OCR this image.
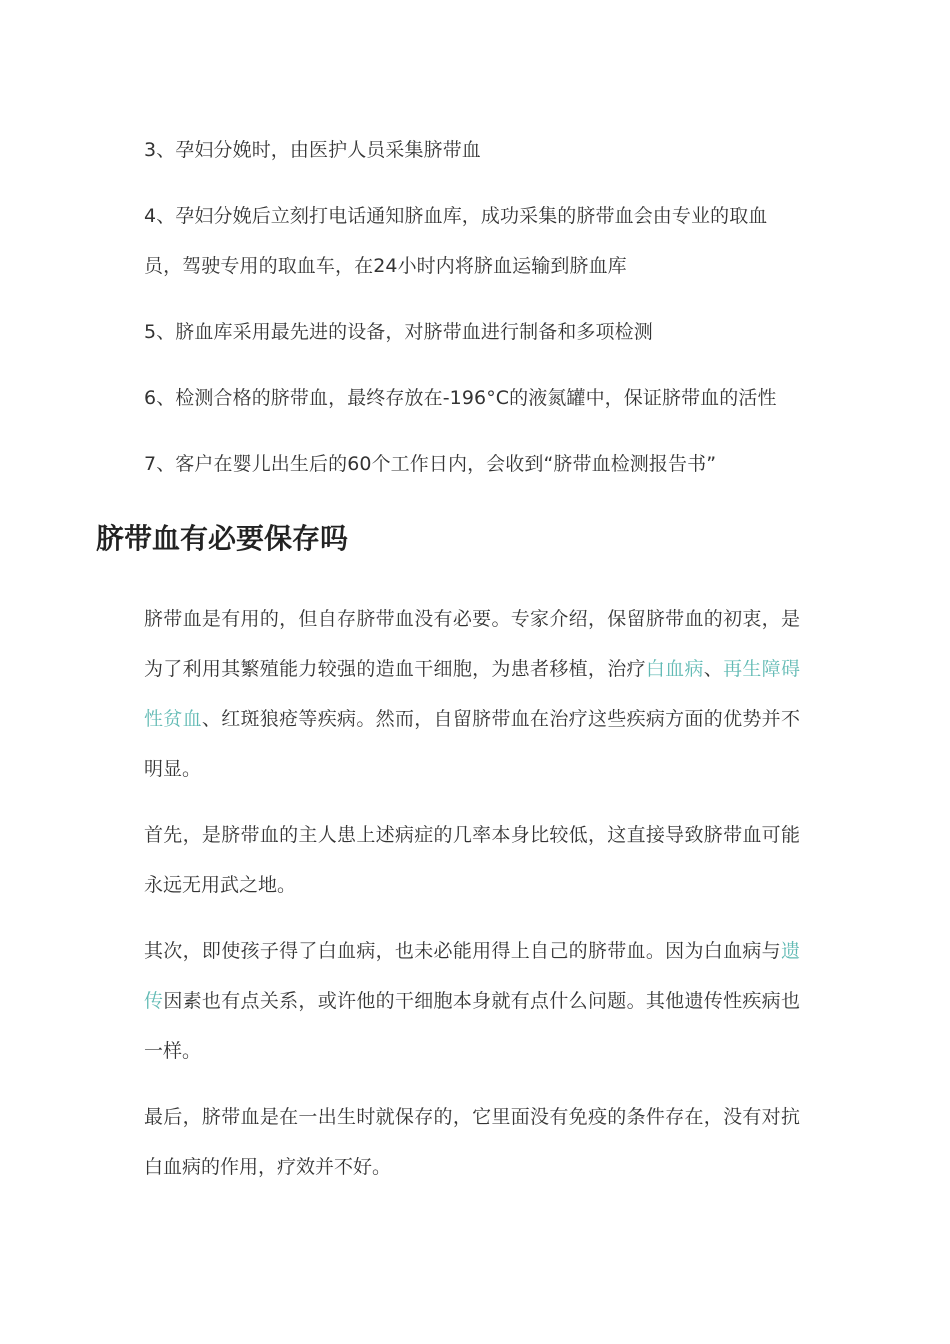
3、孕妇分娩时，由医护人员采集脐带血

4、孕妇分娩后立刻打电话通知脐血库，成功采集的脐带血会由专业的取血员，驾驶专用的取血车，在24小时内将脐血运输到脐血库

5、脐血库采用最先进的设备，对脐带血进行制备和多项检测

6、检测合格的脐带血，最终存放在-196°C的液氮罐中，保证脐带血的活性

7、客户在婴儿出生后的60个工作日内，会收到“脐带血检测报告书”

脐带血有必要保存吗

脐带血是有用的，但自存脐带血没有必要。专家介绍，保留脐带血的初衷，是为了利用其繁殖能力较强的造血干细胞，为患者移植，治疗白血病、再生障碍性贫血、红斑狼疮等疾病。然而，自留脐带血在治疗这些疾病方面的优势并不明显。

首先，是脐带血的主人患上述病症的几率本身比较低，这直接导致脐带血可能永远无用武之地。

其次，即使孩子得了白血病，也未必能用得上自己的脐带血。因为白血病与遗传因素也有点关系，或许他的干细胞本身就有点什么问题。其他遗传性疾病也一样。

最后，脐带血是在一出生时就保存的，它里面没有免疫的条件存在，没有对抗白血病的作用，疗效并不好。
